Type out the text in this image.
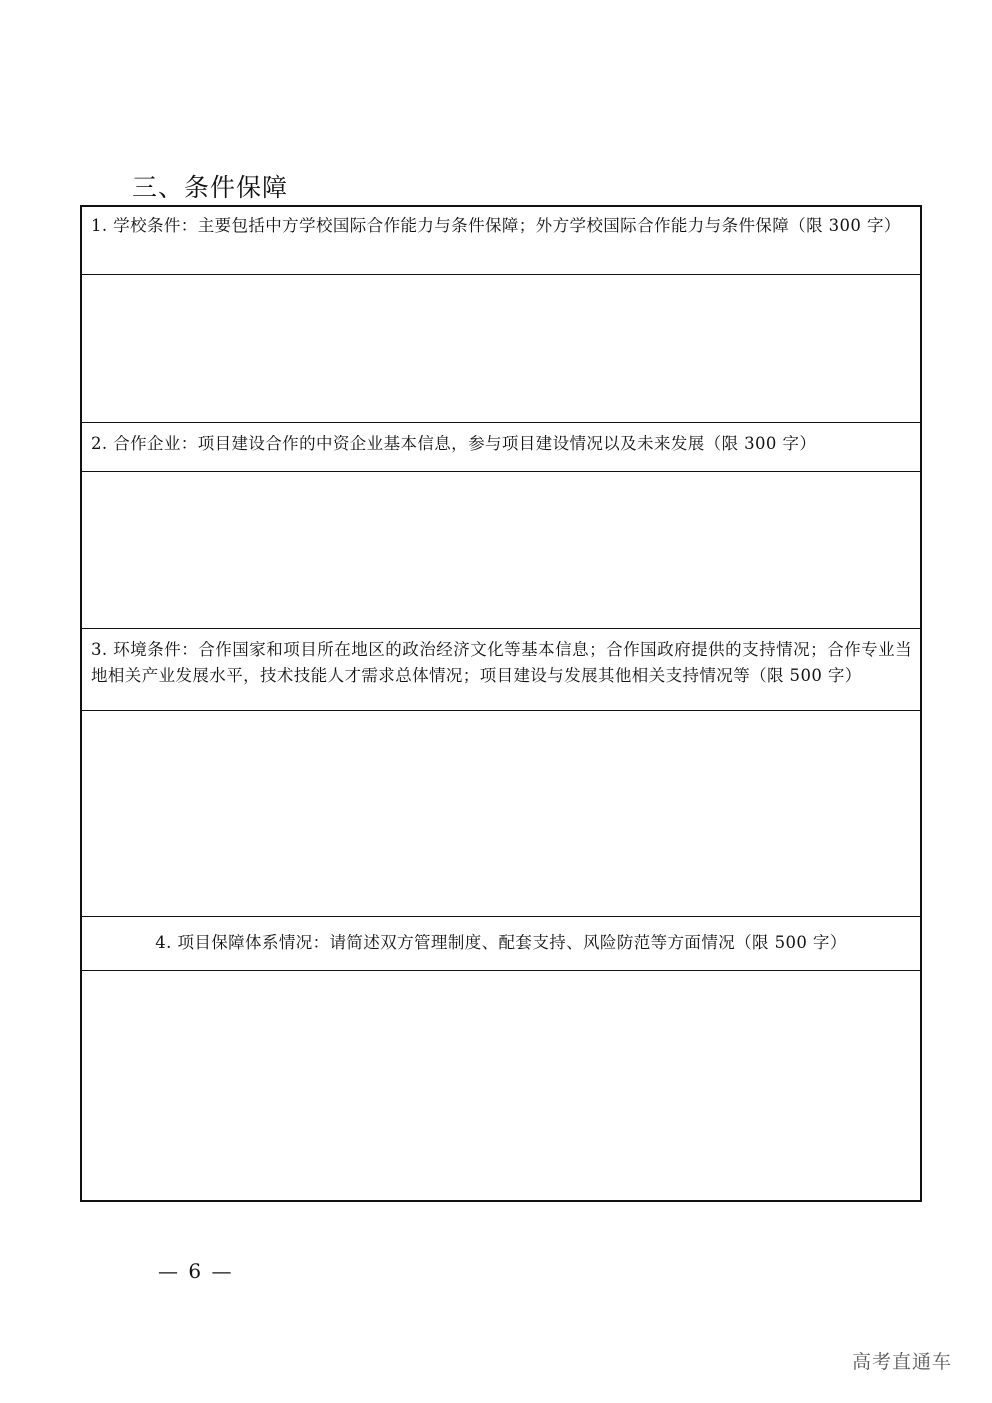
三、条件保障
1. 学校条件：主要包括中方学校国际合作能力与条件保障；外方学校国际合作能力与条件保障（限 300 字）
2. 合作企业：项目建设合作的中资企业基本信息，参与项目建设情况以及未来发展（限 300 字）
3. 环境条件：合作国家和项目所在地区的政治经济文化等基本信息；合作国政府提供的支持情况；合作专业当地相关产业发展水平，技术技能人才需求总体情况；项目建设与发展其他相关支持情况等（限 500 字）
4. 项目保障体系情况：请简述双方管理制度、配套支持、风险防范等方面情况（限 500 字）
— 6 —
高考直通车
